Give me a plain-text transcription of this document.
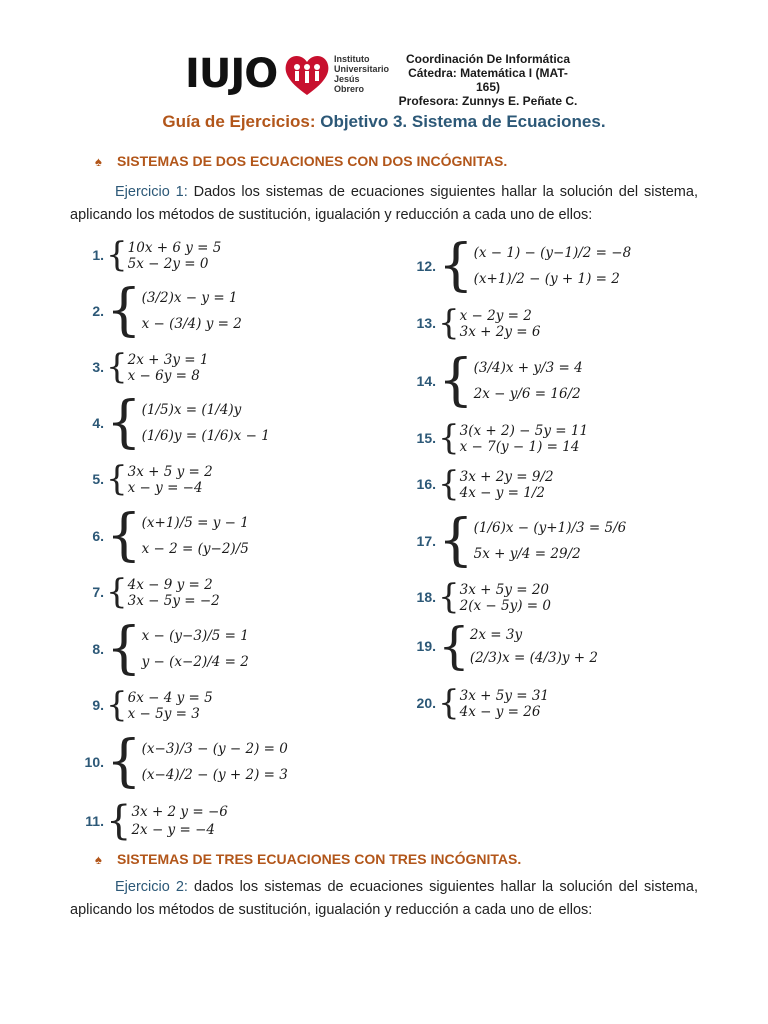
IUJO	Instituto
Universitario
Jesús
Obrero
Coordinación De Informática
Cátedra: Matemática I (MAT-165)
Profesora: Zunnys E. Peñate C.
Guía de Ejercicios: Objetivo 3. Sistema de Ecuaciones.
♠ SISTEMAS DE DOS ECUACIONES CON DOS INCÓGNITAS.
Ejercicio 1: Dados los sistemas de ecuaciones siguientes hallar la solución del sistema, aplicando los métodos de sustitución, igualación y reducción a cada uno de ellos:
1. { 10x + 6 y = 5
5x − 2y = 0
2. { (3/2)x − y = 1
x − (3/4) y = 2
3. { 2x + 3y = 1
x − 6y = 8
4. { (1/5)x = (1/4)y
(1/6)y = (1/6)x − 1
5. { 3x + 5 y = 2
x − y = −4
6. { (x+1)/5 = y − 1
x − 2 = (y−2)/5
7. { 4x − 9 y = 2
3x − 5y = −2
8. { x − (y−3)/5 = 1
y − (x−2)/4 = 2
9. { 6x − 4 y = 5
x − 5y = 3
10. { (x−3)/3 − (y − 2) = 0
(x−4)/2 − (y + 2) = 3
11. { 3x + 2 y = −6
2x − y = −4
12. { (x − 1) − (y−1)/2 = −8
(x+1)/2 − (y + 1) = 2
13. { x − 2y = 2
3x + 2y = 6
14. { (3/4)x + y/3 = 4
2x − y/6 = 16/2
15. { 3(x + 2) − 5y = 11
x − 7(y − 1) = 14
16. { 3x + 2y = 9/2
4x − y = 1/2
17. { (1/6)x − (y+1)/3 = 5/6
5x + y/4 = 29/2
18. { 3x + 5y = 20
2(x − 5y) = 0
19. { 2x = 3y
(2/3)x = (4/3)y + 2
20. { 3x + 5y = 31
4x − y = 26
♠ SISTEMAS DE TRES ECUACIONES CON TRES INCÓGNITAS.
Ejercicio 2: dados los sistemas de ecuaciones siguientes hallar la solución del sistema, aplicando los métodos de sustitución, igualación y reducción a cada uno de ellos:
